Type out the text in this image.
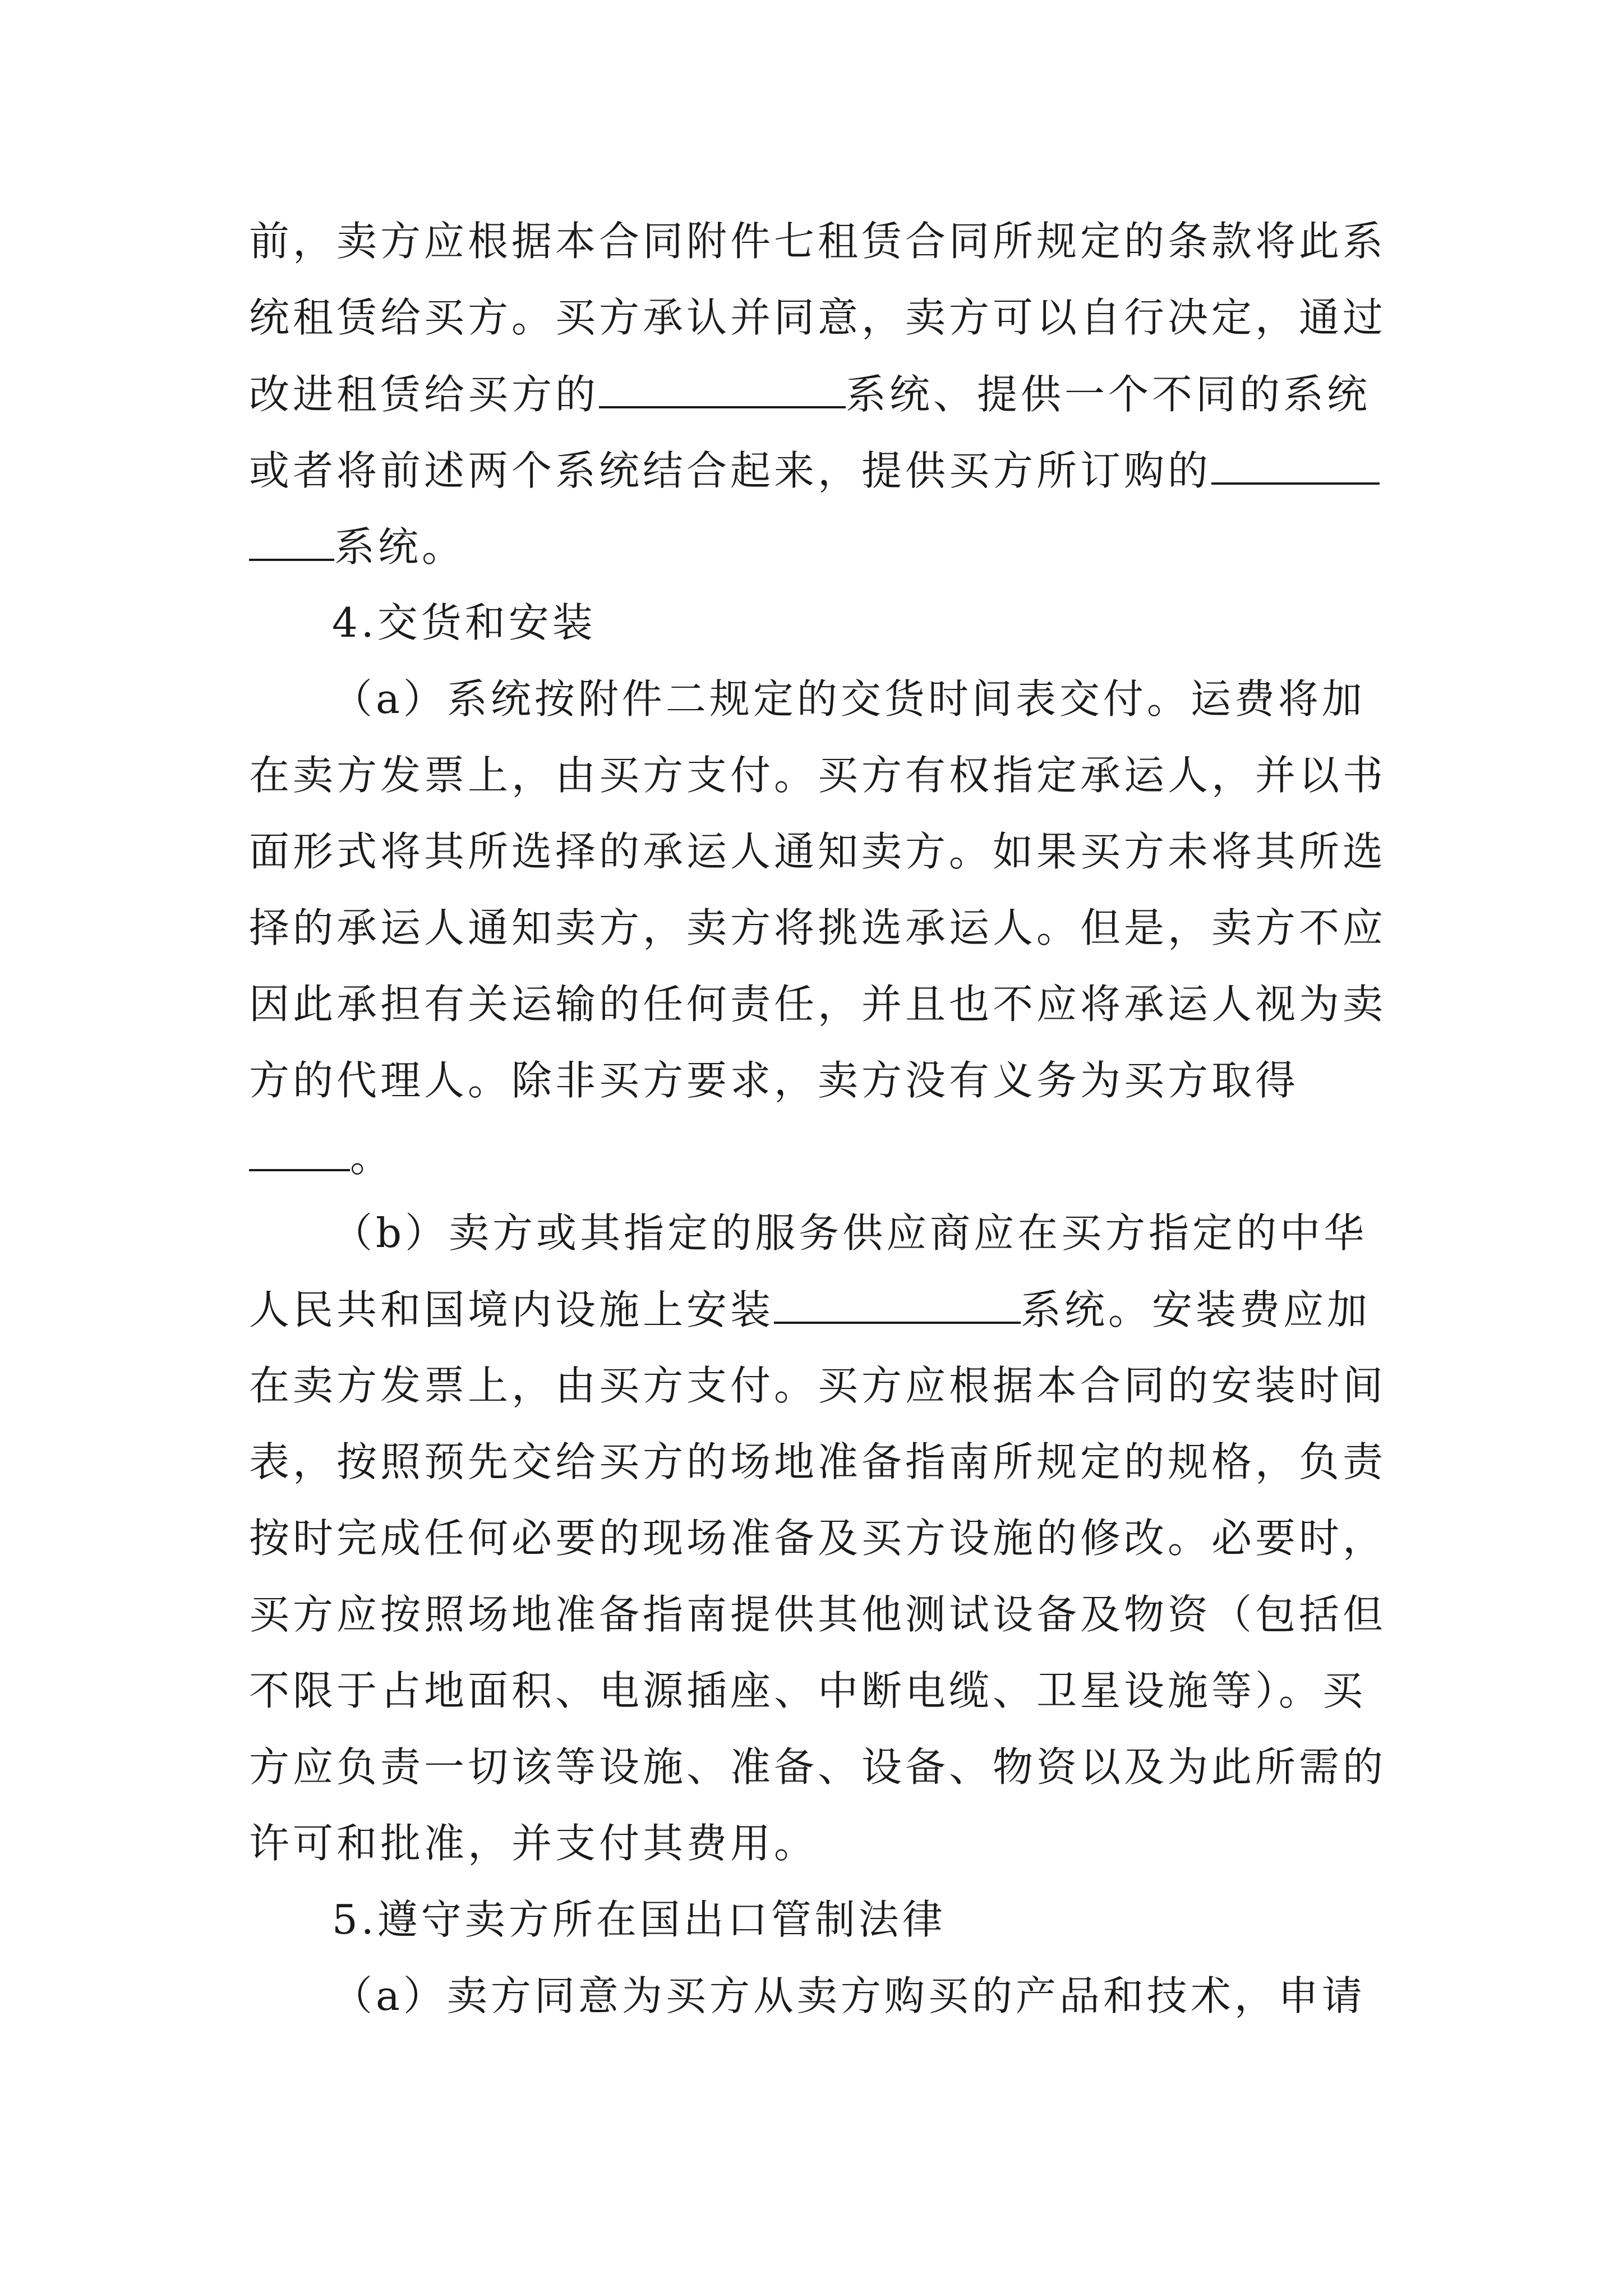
前，卖方应根据本合同附件七租赁合同所规定的条款将此系
统租赁给买方。买方承认并同意，卖方可以自行决定，通过
改进租赁给买方的	系统、提供一个不同的系统
或者将前述两个系统结合起来，提供买方所订购的
系统。
4.交货和安装
（a）系统按附件二规定的交货时间表交付。运费将加
在卖方发票上，由买方支付。买方有权指定承运人，并以书
面形式将其所选择的承运人通知卖方。如果买方未将其所选
择的承运人通知卖方，卖方将挑选承运人。但是，卖方不应
因此承担有关运输的任何责任，并且也不应将承运人视为卖
方的代理人。除非买方要求，卖方没有义务为买方取得
。
（b）卖方或其指定的服务供应商应在买方指定的中华
人民共和国境内设施上安装	系统。安装费应加
在卖方发票上，由买方支付。买方应根据本合同的安装时间
表，按照预先交给买方的场地准备指南所规定的规格，负责
按时完成任何必要的现场准备及买方设施的修改。必要时，
买方应按照场地准备指南提供其他测试设备及物资（包括但
不限于占地面积、电源插座、中断电缆、卫星设施等）。买
方应负责一切该等设施、准备、设备、物资以及为此所需的
许可和批准，并支付其费用。
5.遵守卖方所在国出口管制法律
（a）卖方同意为买方从卖方购买的产品和技术，申请
